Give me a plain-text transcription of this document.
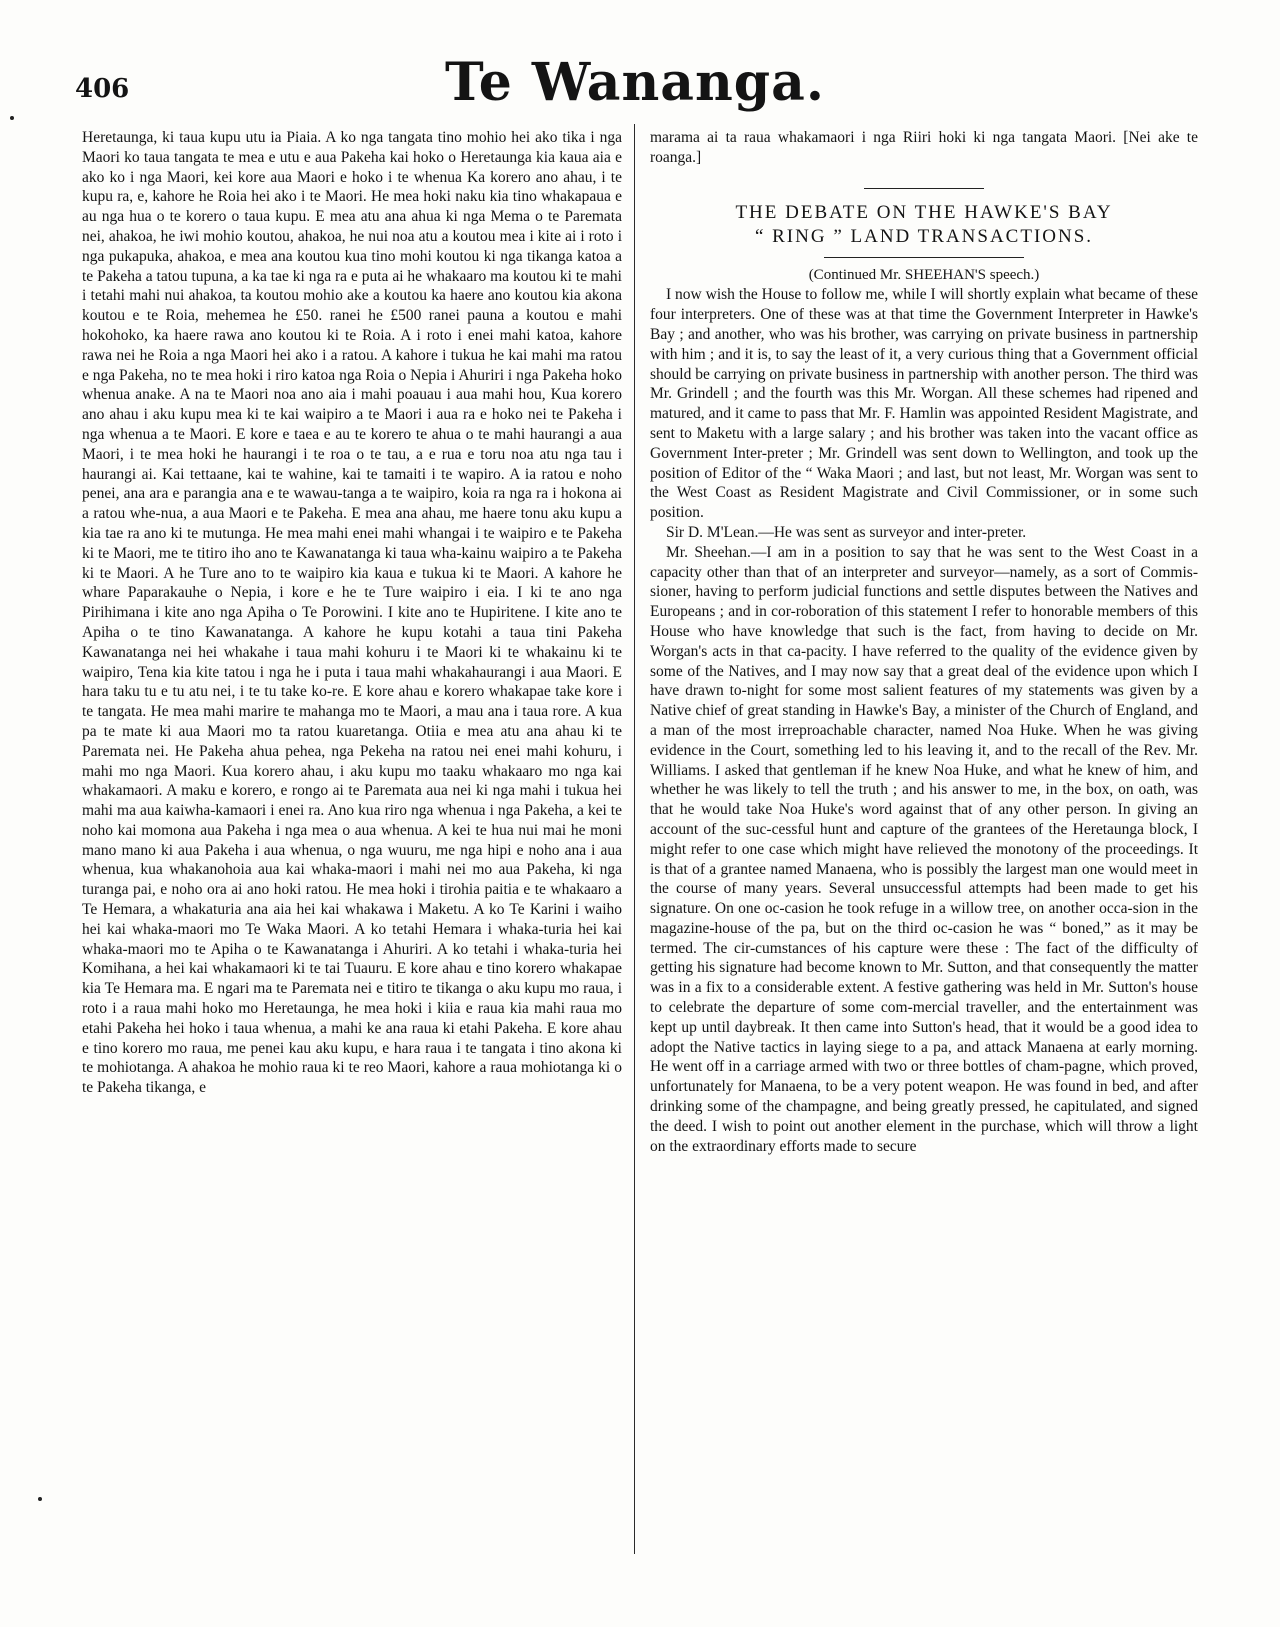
406	Te Wananga.

Heretaunga, ki taua kupu utu ia Piaia. A ko nga tangata tino mohio hei ako tika i nga Maori ko taua tangata te mea e utu e aua Pakeha kai hoko o Heretaunga kia kaua aia e ako ko i nga Maori, kei kore aua Maori e hoko i te whenua Ka korero ano ahau, i te kupu ra, e, kahore he Roia hei ako i te Maori. He mea hoki naku kia tino whakapaua e au nga hua o te korero o taua kupu. E mea atu ana ahua ki nga Mema o te Paremata nei, ahakoa, he iwi mohio koutou, ahakoa, he nui noa atu a koutou mea i kite ai i roto i nga pukapuka, ahakoa, e mea ana koutou kua tino mohi koutou ki nga tikanga katoa a te Pakeha a tatou tupuna, a ka tae ki nga ra e puta ai he whakaaro ma koutou ki te mahi i tetahi mahi nui ahakoa, ta koutou mohio ake a koutou ka haere ano koutou kia akona koutou e te Roia, mehemea he £50. ranei he £500 ranei pauna a koutou e mahi hokohoko, ka haere rawa ano koutou ki te Roia. A i roto i enei mahi katoa, kahore rawa nei he Roia a nga Maori hei ako i a ratou. A kahore i tukua he kai mahi ma ratou e nga Pakeha, no te mea hoki i riro katoa nga Roia o Nepia i Ahuriri i nga Pakeha hoko whenua anake. A na te Maori noa ano aia i mahi poauau i aua mahi hou, Kua korero ano ahau i aku kupu mea ki te kai waipiro a te Maori i aua ra e hoko nei te Pakeha i nga whenua a te Maori. E kore e taea e au te korero te ahua o te mahi haurangi a aua Maori, i te mea hoki he haurangi i te roa o te tau, a e rua e toru noa atu nga tau i haurangi ai. Kai tettaane, kai te wahine, kai te tamaiti i te wapiro. A ia ratou e noho penei, ana ara e parangia ana e te wawau-tanga a te waipiro, koia ra nga ra i hokona ai a ratou whe-nua, a aua Maori e te Pakeha. E mea ana ahau, me haere tonu aku kupu a kia tae ra ano ki te mutunga. He mea mahi enei mahi whangai i te waipiro e te Pakeha ki te Maori, me te titiro iho ano te Kawanatanga ki taua wha-kainu waipiro a te Pakeha ki te Maori. A he Ture ano to te waipiro kia kaua e tukua ki te Maori. A kahore he whare Paparakauhe o Nepia, i kore e he te Ture waipiro i eia. I ki te ano nga Pirihimana i kite ano nga Apiha o Te Porowini. I kite ano te Hupiritene. I kite ano te Apiha o te tino Kawanatanga. A kahore he kupu kotahi a taua tini Pakeha Kawanatanga nei hei whakahe i taua mahi kohuru i te Maori ki te whakainu ki te waipiro, Tena kia kite tatou i nga he i puta i taua mahi whakahaurangi i aua Maori. E hara taku tu e tu atu nei, i te tu take ko-re. E kore ahau e korero whakapae take kore i te tangata. He mea mahi marire te mahanga mo te Maori, a mau ana i taua rore. A kua pa te mate ki aua Maori mo ta ratou kuaretanga. Otiia e mea atu ana ahau ki te Paremata nei. He Pakeha ahua pehea, nga Pekeha na ratou nei enei mahi kohuru, i mahi mo nga Maori. Kua korero ahau, i aku kupu mo taaku whakaaro mo nga kai whakamaori. A maku e korero, e rongo ai te Paremata aua nei ki nga mahi i tukua hei mahi ma aua kaiwha-kamaori i enei ra. Ano kua riro nga whenua i nga Pakeha, a kei te noho kai momona aua Pakeha i nga mea o aua whenua. A kei te hua nui mai he moni mano mano ki aua Pakeha i aua whenua, o nga wuuru, me nga hipi e noho ana i aua whenua, kua whakanohoia aua kai whaka-maori i mahi nei mo aua Pakeha, ki nga turanga pai, e noho ora ai ano hoki ratou. He mea hoki i tirohia paitia e te whakaaro a Te Hemara, a whakaturia ana aia hei kai whakawa i Maketu. A ko Te Karini i waiho hei kai whaka-maori mo Te Waka Maori. A ko tetahi Hemara i whaka-turia hei kai whaka-maori mo te Apiha o te Kawanatanga i Ahuriri. A ko tetahi i whaka-turia hei Komihana, a hei kai whakamaori ki te tai Tuauru. E kore ahau e tino korero whakapae kia Te Hemara ma. E ngari ma te Paremata nei e titiro te tikanga o aku kupu mo raua, i roto i a raua mahi hoko mo Heretaunga, he mea hoki i kiia e raua kia mahi raua mo etahi Pakeha hei hoko i taua whenua, a mahi ke ana raua ki etahi Pakeha. E kore ahau e tino korero mo raua, me penei kau aku kupu, e hara raua i te tangata i tino akona ki te mohiotanga. A ahakoa he mohio raua ki te reo Maori, kahore a raua mohiotanga ki o te Pakeha tikanga, e

marama ai ta raua whakamaori i nga Riiri hoki ki nga tangata Maori. [Nei ake te roanga.]

THE DEBATE ON THE HAWKE'S BAY
“ RING ” LAND TRANSACTIONS.

(Continued Mr. SHEEHAN'S speech.)

I now wish the House to follow me, while I will shortly explain what became of these four interpreters. One of these was at that time the Government Interpreter in Hawke's Bay ; and another, who was his brother, was carrying on private business in partnership with him ; and it is, to say the least of it, a very curious thing that a Government official should be carrying on private business in partnership with another person. The third was Mr. Grindell ; and the fourth was this Mr. Worgan. All these schemes had ripened and matured, and it came to pass that Mr. F. Hamlin was appointed Resident Magistrate, and sent to Maketu with a large salary ; and his brother was taken into the vacant office as Government Inter-preter ; Mr. Grindell was sent down to Wellington, and took up the position of Editor of the “ Waka Maori ; and last, but not least, Mr. Worgan was sent to the West Coast as Resident Magistrate and Civil Commissioner, or in some such position.

Sir D. M'Lean.—He was sent as surveyor and inter-preter.

Mr. Sheehan.—I am in a position to say that he was sent to the West Coast in a capacity other than that of an interpreter and surveyor—namely, as a sort of Commis-sioner, having to perform judicial functions and settle disputes between the Natives and Europeans ; and in cor-roboration of this statement I refer to honorable members of this House who have knowledge that such is the fact, from having to decide on Mr. Worgan's acts in that ca-pacity. I have referred to the quality of the evidence given by some of the Natives, and I may now say that a great deal of the evidence upon which I have drawn to-night for some most salient features of my statements was given by a Native chief of great standing in Hawke's Bay, a minister of the Church of England, and a man of the most irreproachable character, named Noa Huke. When he was giving evidence in the Court, something led to his leaving it, and to the recall of the Rev. Mr. Williams. I asked that gentleman if he knew Noa Huke, and what he knew of him, and whether he was likely to tell the truth ; and his answer to me, in the box, on oath, was that he would take Noa Huke's word against that of any other person. In giving an account of the suc-cessful hunt and capture of the grantees of the Heretaunga block, I might refer to one case which might have relieved the monotony of the proceedings. It is that of a grantee named Manaena, who is possibly the largest man one would meet in the course of many years. Several unsuccessful attempts had been made to get his signature. On one oc-casion he took refuge in a willow tree, on another occa-sion in the magazine-house of the pa, but on the third oc-casion he was “ boned,” as it may be termed. The cir-cumstances of his capture were these : The fact of the difficulty of getting his signature had become known to Mr. Sutton, and that consequently the matter was in a fix to a considerable extent. A festive gathering was held in Mr. Sutton's house to celebrate the departure of some com-mercial traveller, and the entertainment was kept up until daybreak. It then came into Sutton's head, that it would be a good idea to adopt the Native tactics in laying siege to a pa, and attack Manaena at early morning. He went off in a carriage armed with two or three bottles of cham-pagne, which proved, unfortunately for Manaena, to be a very potent weapon. He was found in bed, and after drinking some of the champagne, and being greatly pressed, he capitulated, and signed the deed. I wish to point out another element in the purchase, which will throw a light on the extraordinary efforts made to secure
